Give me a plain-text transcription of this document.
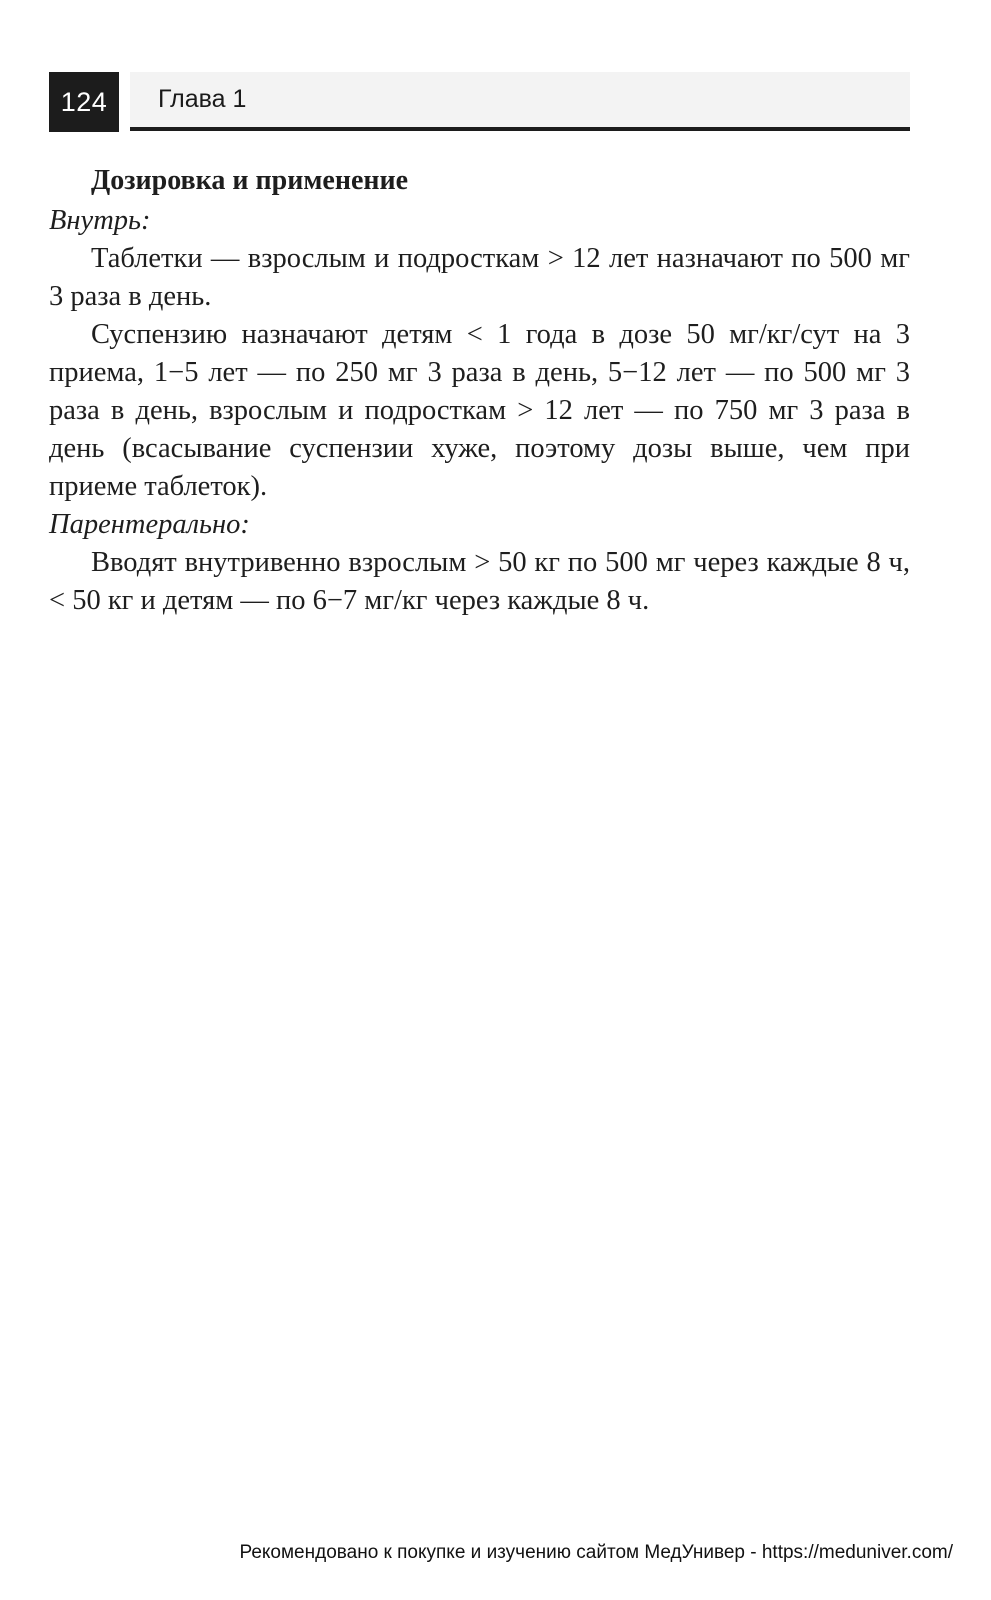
124	Глава 1

Дозировка и применение

Внутрь:

Таблетки — взрослым и подросткам > 12 лет назначают по 500 мг 3 раза в день.

Суспензию назначают детям < 1 года в дозе 50 мг/кг/сут на 3 приема, 1−5 лет — по 250 мг 3 раза в день, 5−12 лет — по 500 мг 3 раза в день, взрослым и подросткам > 12 лет — по 750 мг 3 раза в день (всасывание суспензии хуже, поэтому дозы выше, чем при приеме таблеток).

Парентерально:

Вводят внутривенно взрослым > 50 кг по 500 мг через каждые 8 ч, < 50 кг и детям — по 6−7 мг/кг через каждые 8 ч.

Рекомендовано к покупке и изучению сайтом МедУнивер - https://meduniver.com/
